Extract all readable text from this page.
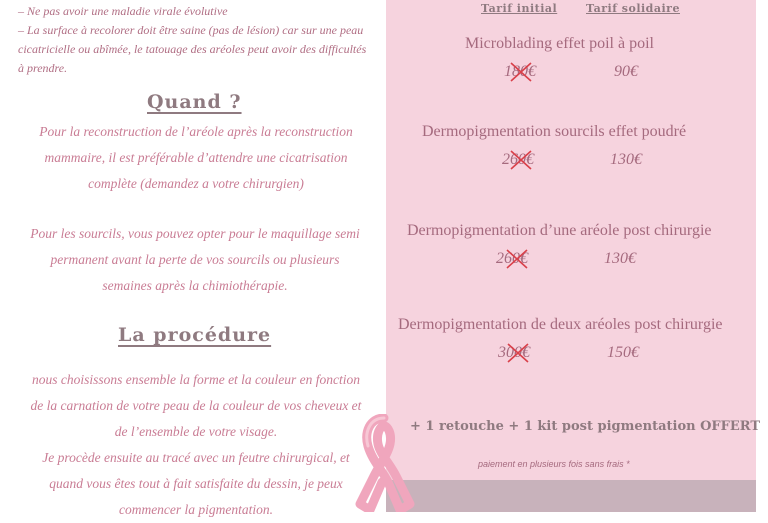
– Ne pas avoir une maladie virale évolutive
– La surface à recolorer doit être saine (pas de lésion) car sur une peau
cicatricielle ou abîmée, le tatouage des aréoles peut avoir des difficultés
à prendre.
Quand ?
Pour la reconstruction de l’aréole après la reconstruction
mammaire, il est préférable d’attendre une cicatrisation
complète (demandez a votre chirurgien)
Pour les sourcils, vous pouvez opter pour le maquillage semi
permanent avant la perte de vos sourcils ou plusieurs
semaines après la chimiothérapie.
La procédure
nous choisissons ensemble la forme et la couleur en fonction
de la carnation de votre peau de la couleur de vos cheveux et
de l’ensemble de votre visage.
Je procède ensuite au tracé avec un feutre chirurgical, et
quand vous êtes tout à fait satisfaite du dessin, je peux
commencer la pigmentation.
Tarif initial	Tarif solidaire
Microblading effet poil à poil
180€	90€
Dermopigmentation sourcils effet poudré
260€	130€
Dermopigmentation d’une aréole post chirurgie
260€	130€
Dermopigmentation de deux aréoles post chirurgie
300€	150€
+ 1 retouche + 1 kit post pigmentation OFFERT
paiement en plusieurs fois sans frais *
